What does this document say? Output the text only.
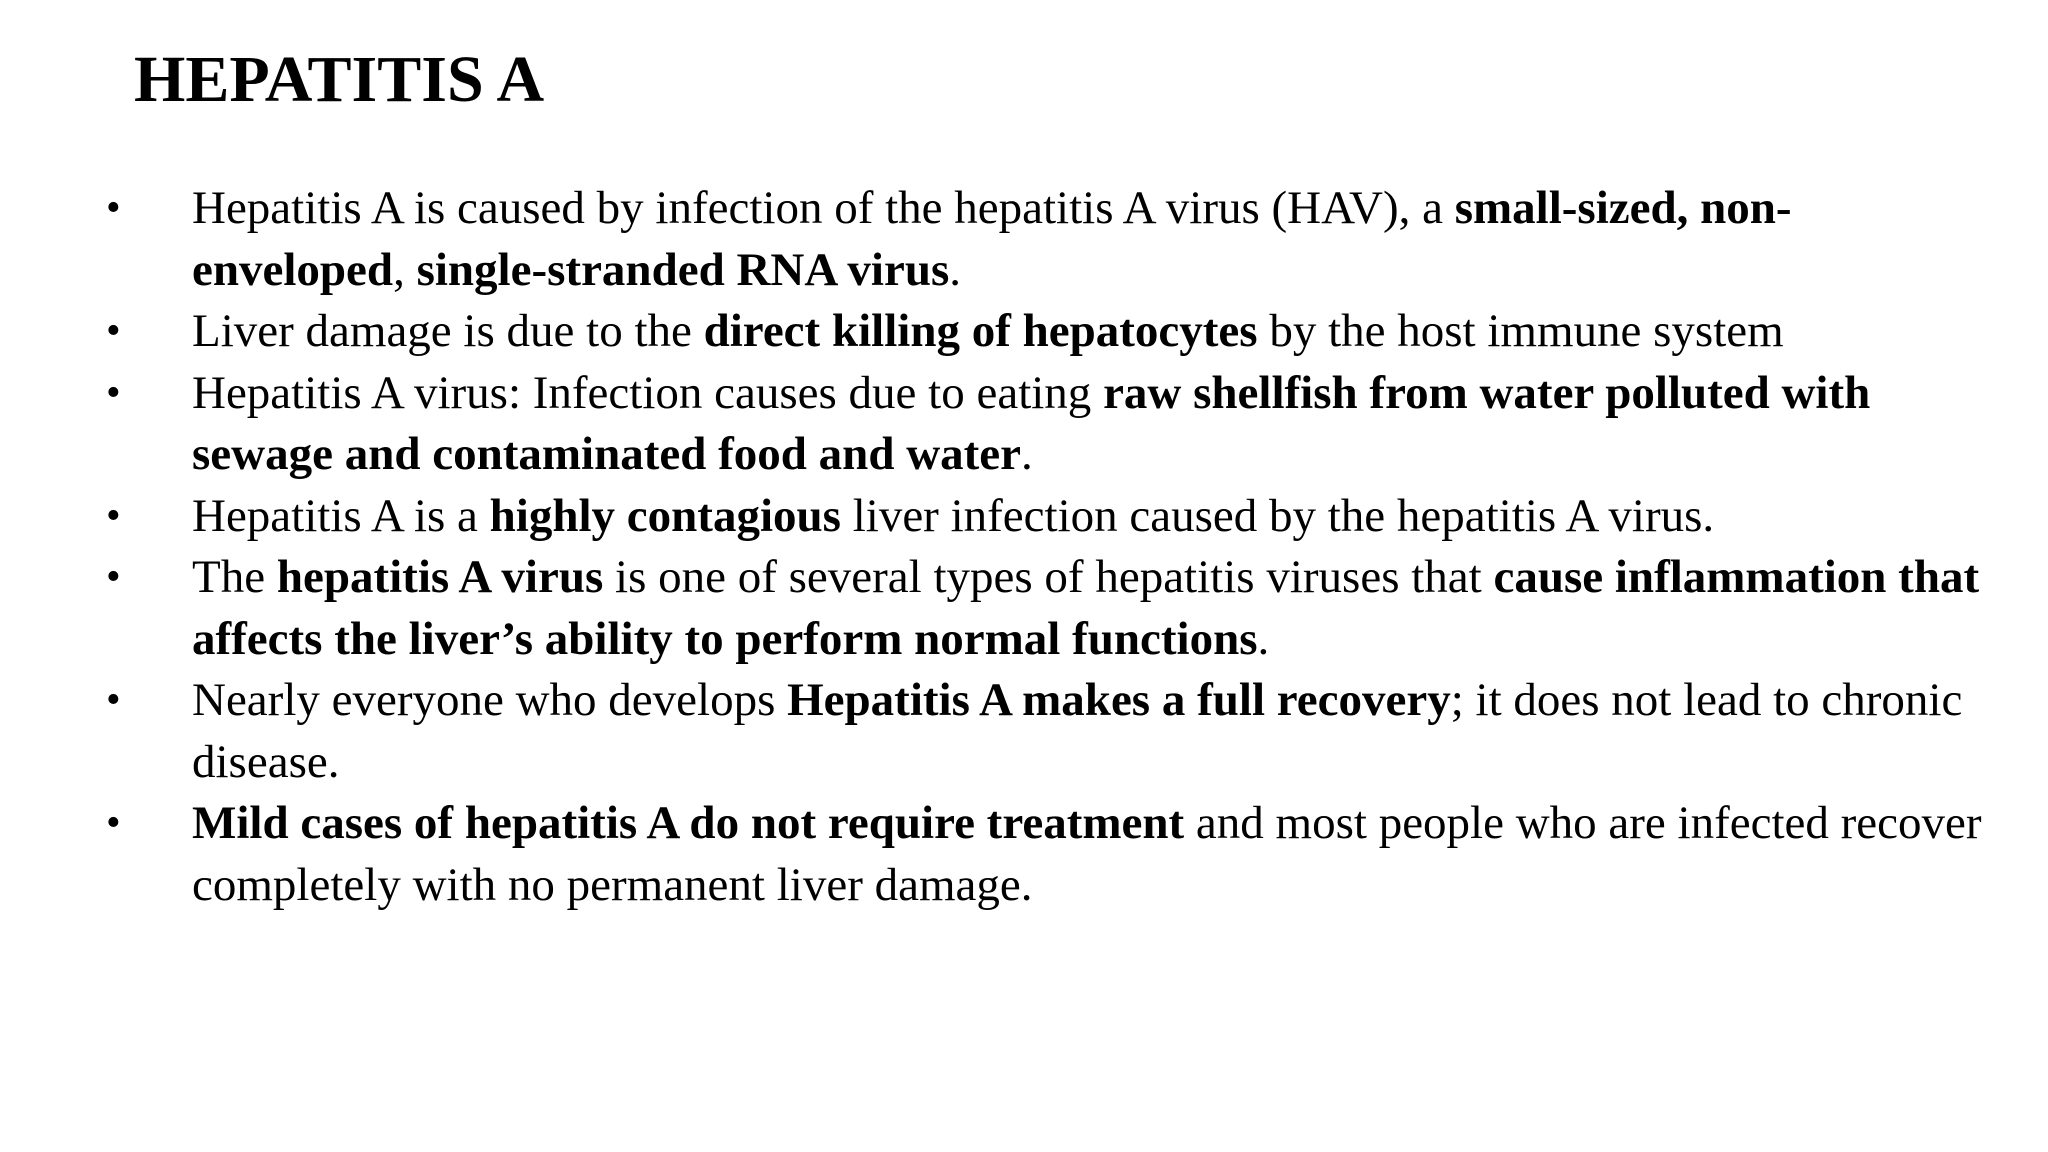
HEPATITIS A
• Hepatitis A is caused by infection of the hepatitis A virus (HAV), a small-sized, non-enveloped, single-stranded RNA virus.
• Liver damage is due to the direct killing of hepatocytes by the host immune system
• Hepatitis A virus: Infection causes due to eating raw shellfish from water polluted with sewage and contaminated food and water.
• Hepatitis A is a highly contagious liver infection caused by the hepatitis A virus.
• The hepatitis A virus is one of several types of hepatitis viruses that cause inflammation that affects the liver’s ability to perform normal functions.
• Nearly everyone who develops Hepatitis A makes a full recovery; it does not lead to chronic disease.
• Mild cases of hepatitis A do not require treatment and most people who are infected recover completely with no permanent liver damage.
